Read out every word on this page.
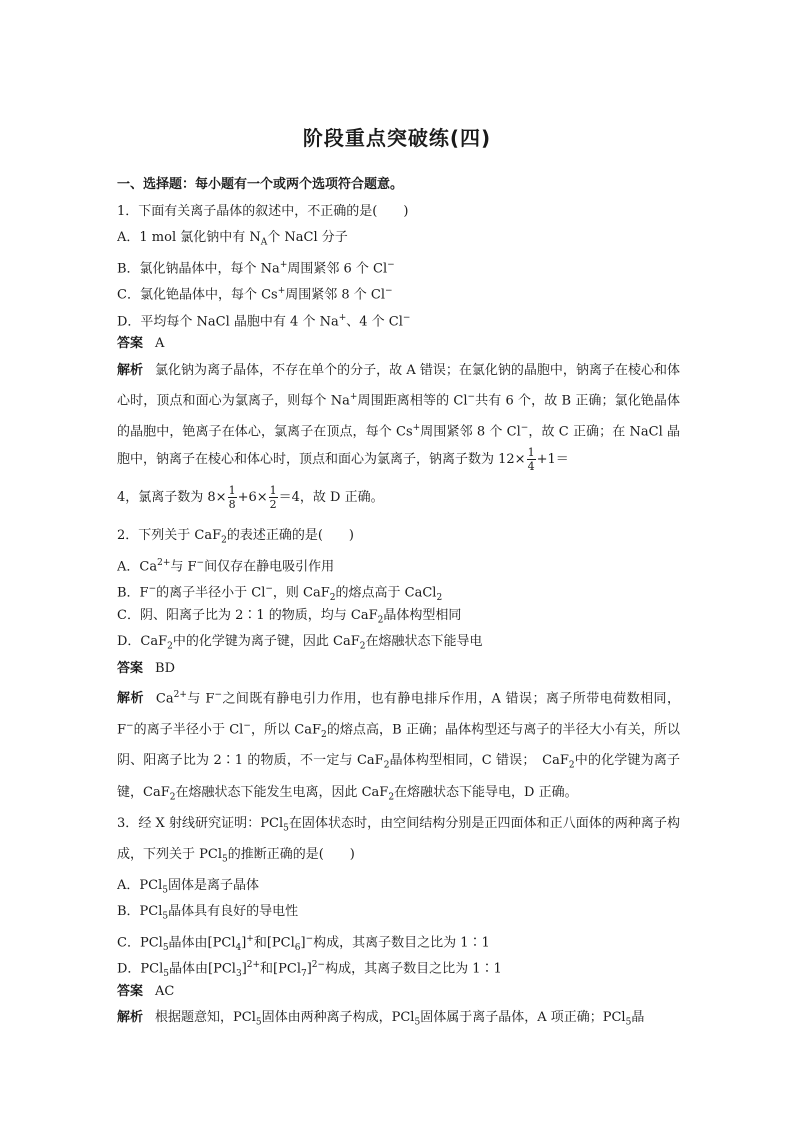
阶段重点突破练(四)
一、选择题：每小题有一个或两个选项符合题意。
1．下面有关离子晶体的叙述中，不正确的是(　　)
A．1 mol 氯化钠中有 $N_A$个 NaCl 分子
B．氯化钠晶体中，每个 Na+周围紧邻 6 个 Cl−
C．氯化铯晶体中，每个 Cs+周围紧邻 8 个 Cl−
D．平均每个 NaCl 晶胞中有 4 个 Na+、4 个 Cl−
答案 A
解析 氯化钠为离子晶体，不存在单个的分子，故 A 错误；在氯化钠的晶胞中，钠离子在棱心和体心时，顶点和面心为氯离子，则每个 Na+周围距离相等的 Cl−共有 6 个，故 B 正确；氯化铯晶体的晶胞中，铯离子在体心，氯离子在顶点，每个 Cs+周围紧邻 8 个 Cl−，故 C 正确；在 NaCl 晶胞中，钠离子在棱心和体心时，顶点和面心为氯离子，钠离子数为 $12\times \frac{1}{4} +1=$
4，氯离子数为 $8\times \frac{1}{8} +6\times \frac{1}{2} =4$，故 D 正确。
2．下列关于 CaF$_2$的表述正确的是(　　)
A．$Ca^{2+}$与 F−间仅存在静电吸引作用
B．F−的离子半径小于 Cl−，则 CaF$_2$的熔点高于 CaCl$_2$
C．阴、阳离子比为 2∶1 的物质，均与 CaF$_2$晶体构型相同
D．CaF$_2$中的化学键为离子键，因此 CaF$_2$在熔融状态下能导电
答案 BD
解析 $Ca^{2+}$与 F−之间既有静电引力作用，也有静电排斥作用，A 错误；离子所带电荷数相同，F−的离子半径小于 Cl−，所以 CaF$_2$的熔点高，B 正确；晶体构型还与离子的半径大小有关，所以阴、阳离子比为 2∶1 的物质，不一定与 CaF$_2$晶体构型相同，C 错误；　CaF$_2$中的化学键为离子键，CaF$_2$在熔融状态下能发生电离，因此 CaF$_2$在熔融状态下能导电，D 正确。
3．经 X 射线研究证明：PCl$_5$在固体状态时，由空间结构分别是正四面体和正八面体的两种离子构成，下列关于 PCl$_5$的推断正确的是(　　)
A．PCl$_5$固体是离子晶体
B．PCl$_5$晶体具有良好的导电性
C．PCl$_5$晶体由[PCl$_4$]+和[PCl$_6$]−构成，其离子数目之比为 1∶1
D．PCl$_5$晶体由$[PCl_3]^{2+}$和$[PCl_7]^{2-}$构成，其离子数目之比为 1∶1
答案 AC
解析 根据题意知，PCl$_5$固体由两种离子构成，PCl$_5$固体属于离子晶体，A 项正确；PCl$_5$晶
